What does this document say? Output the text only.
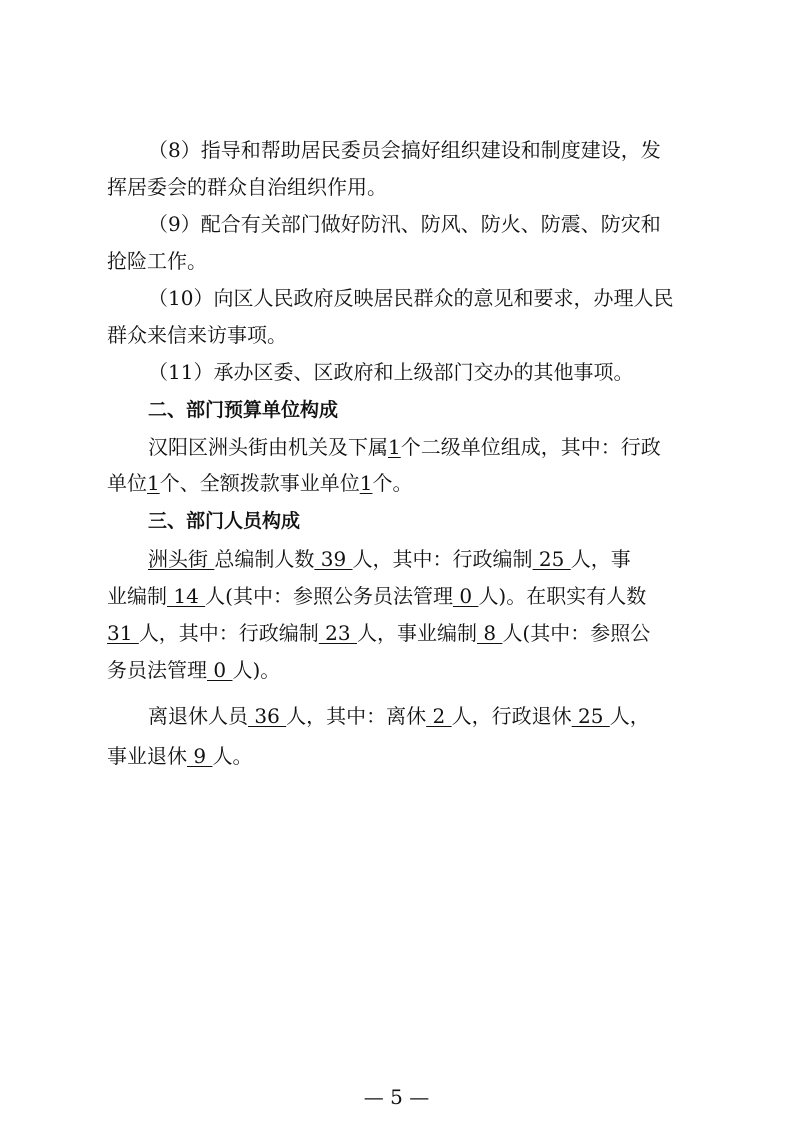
（8）指导和帮助居民委员会搞好组织建设和制度建设，发
挥居委会的群众自治组织作用。
（9）配合有关部门做好防汛、防风、防火、防震、防灾和
抢险工作。
（10）向区人民政府反映居民群众的意见和要求，办理人民
群众来信来访事项。
（11）承办区委、区政府和上级部门交办的其他事项。
二、部门预算单位构成
汉阳区洲头街由机关及下属1个二级单位组成，其中：行政
单位1个、全额拨款事业单位1个。
三、部门人员构成
洲头街 总编制人数 39 人，其中：行政编制 25 人，事
业编制 14 人(其中：参照公务员法管理 0 人)。在职实有人数
31 人，其中：行政编制 23 人，事业编制 8 人(其中：参照公
务员法管理 0 人)。
离退休人员 36 人，其中：离休 2 人，行政退休 25 人，
事业退休 9 人。
— 5 —
